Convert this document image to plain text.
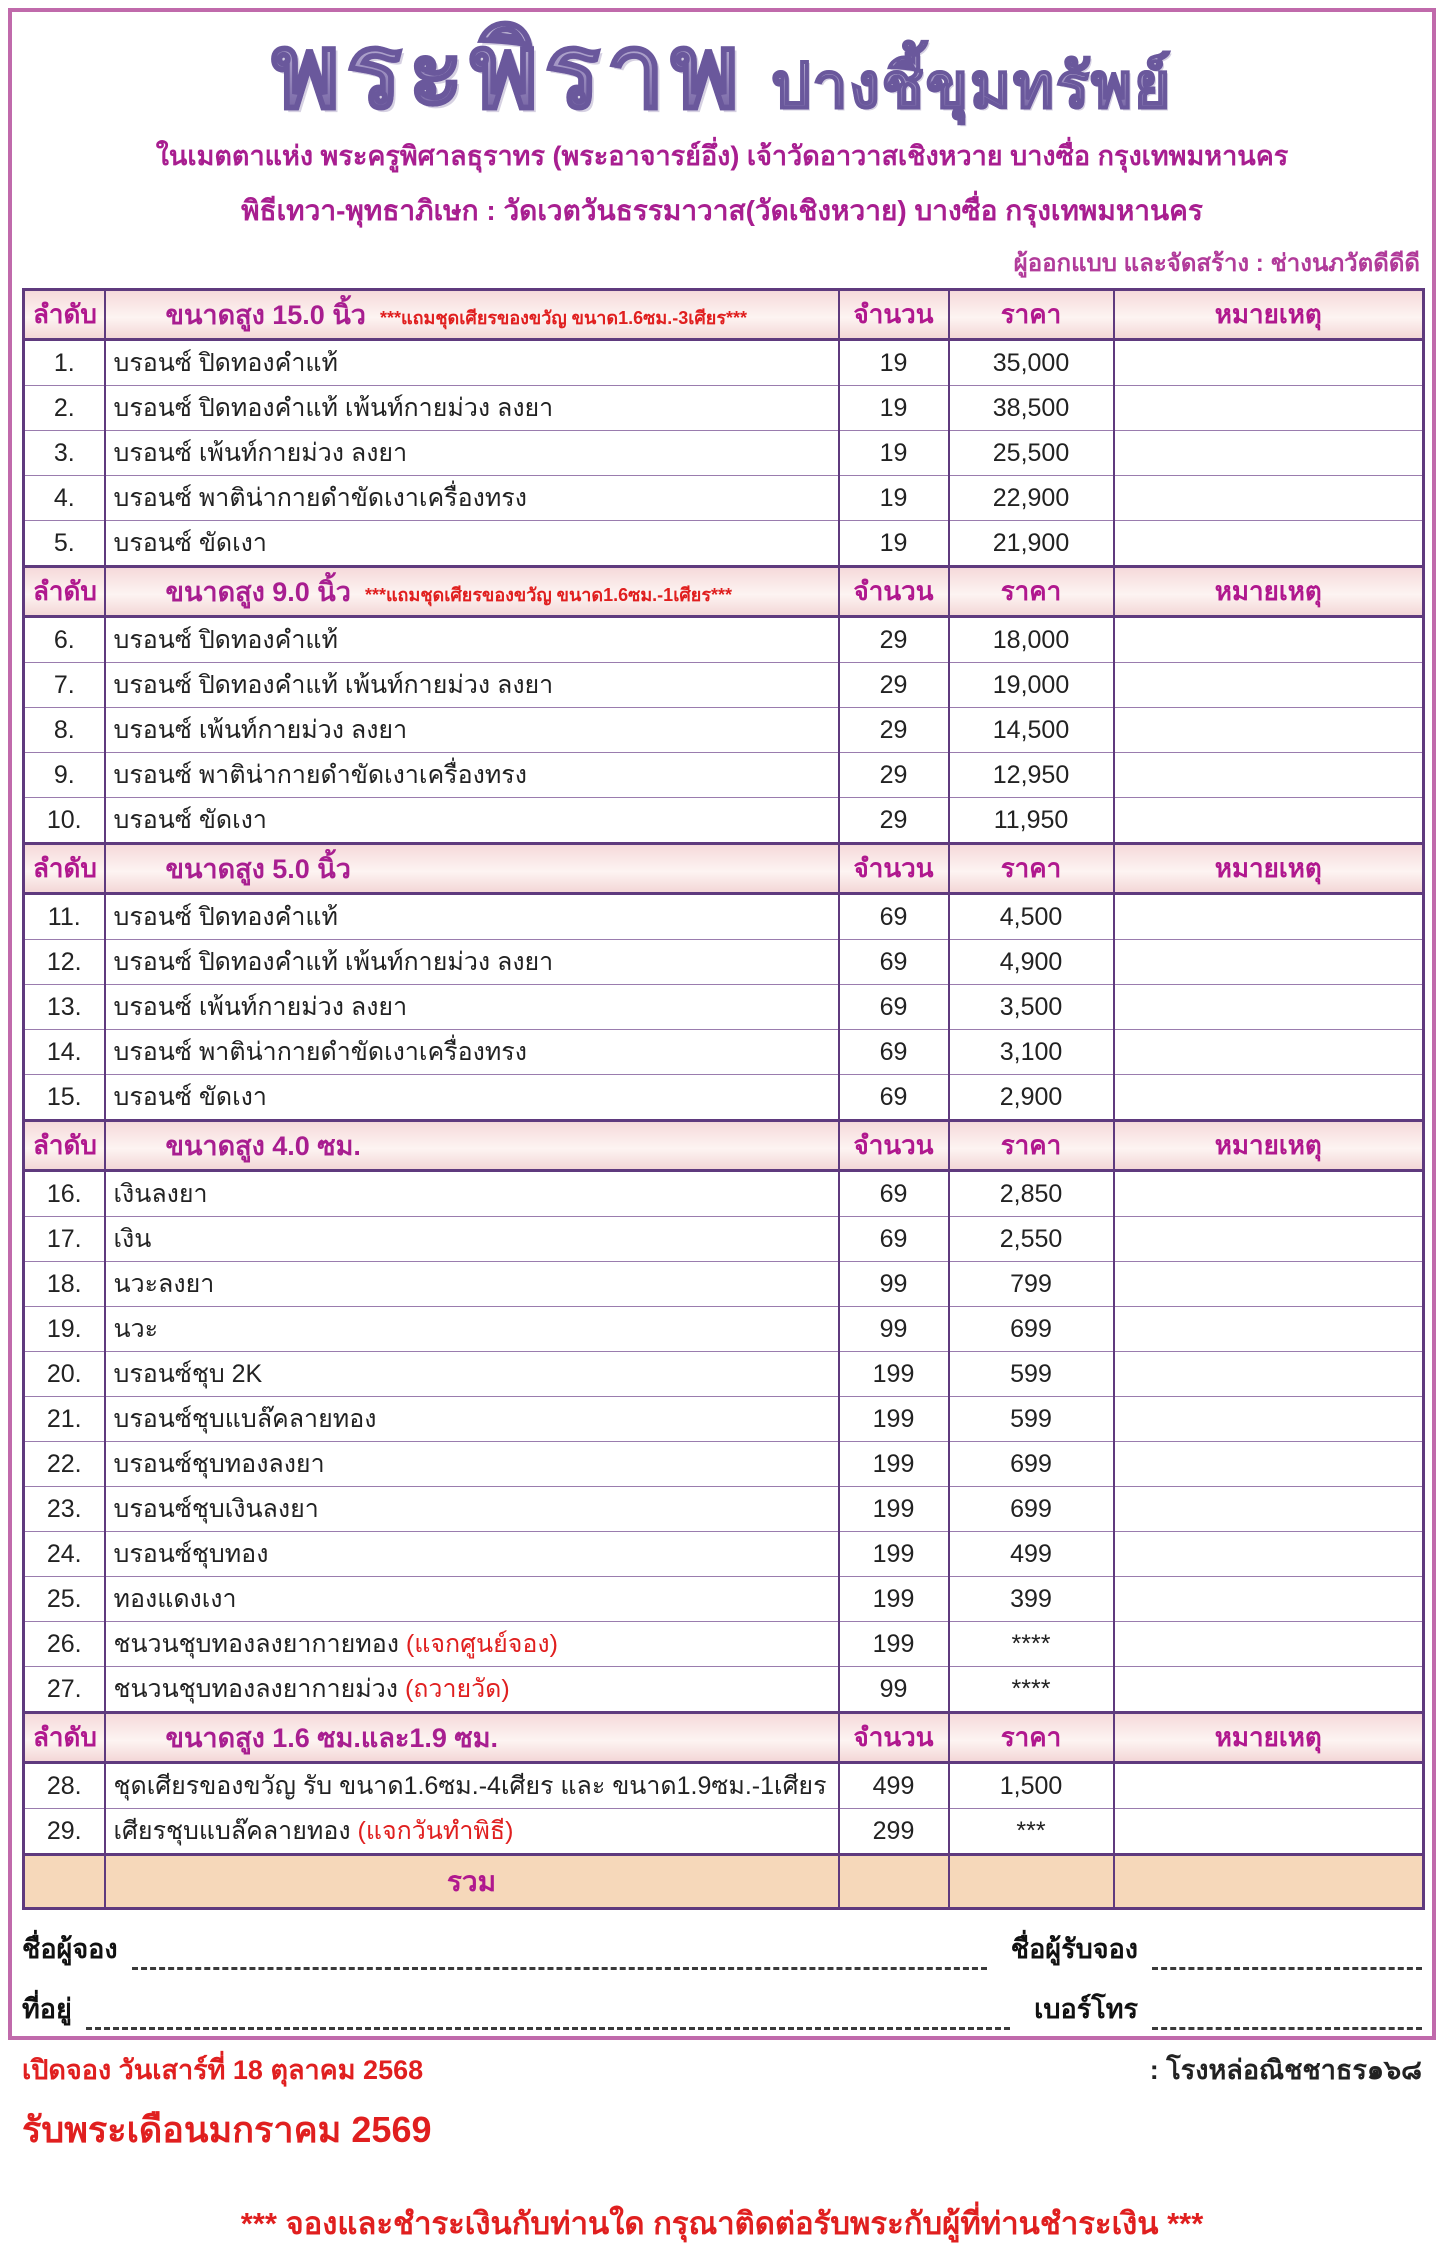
พระพิราพ ปางชี้ขุมทรัพย์
ในเมตตาแห่ง พระครูพิศาลธุราทร (พระอาจารย์อึ่ง) เจ้าวัดอาวาสเชิงหวาย บางซื่อ กรุงเทพมหานคร
พิธีเทวา-พุทธาภิเษก : วัดเวตวันธรรมาวาส(วัดเชิงหวาย) บางซื่อ กรุงเทพมหานคร
ผู้ออกแบบ และจัดสร้าง : ช่างนภวัตดีดีดี
ลำดับ	ขนาดสูง 15.0 นิ้ว ***แถมชุดเศียรของขวัญ ขนาด1.6ซม.-3เศียร***	จำนวน	ราคา	หมายเหตุ
1.	บรอนซ์ ปิดทองคำแท้	19	35,000	
2.	บรอนซ์ ปิดทองคำแท้ เพ้นท์กายม่วง ลงยา	19	38,500	
3.	บรอนซ์ เพ้นท์กายม่วง ลงยา	19	25,500	
4.	บรอนซ์ พาติน่ากายดำขัดเงาเครื่องทรง	19	22,900	
5.	บรอนซ์ ขัดเงา	19	21,900	
ลำดับ	ขนาดสูง 9.0 นิ้ว ***แถมชุดเศียรของขวัญ ขนาด1.6ซม.-1เศียร***	จำนวน	ราคา	หมายเหตุ
6.	บรอนซ์ ปิดทองคำแท้	29	18,000	
7.	บรอนซ์ ปิดทองคำแท้ เพ้นท์กายม่วง ลงยา	29	19,000	
8.	บรอนซ์ เพ้นท์กายม่วง ลงยา	29	14,500	
9.	บรอนซ์ พาติน่ากายดำขัดเงาเครื่องทรง	29	12,950	
10.	บรอนซ์ ขัดเงา	29	11,950	
ลำดับ	ขนาดสูง 5.0 นิ้ว	จำนวน	ราคา	หมายเหตุ
11.	บรอนซ์ ปิดทองคำแท้	69	4,500	
12.	บรอนซ์ ปิดทองคำแท้ เพ้นท์กายม่วง ลงยา	69	4,900	
13.	บรอนซ์ เพ้นท์กายม่วง ลงยา	69	3,500	
14.	บรอนซ์ พาติน่ากายดำขัดเงาเครื่องทรง	69	3,100	
15.	บรอนซ์ ขัดเงา	69	2,900	
ลำดับ	ขนาดสูง 4.0 ซม.	จำนวน	ราคา	หมายเหตุ
16.	เงินลงยา	69	2,850	
17.	เงิน	69	2,550	
18.	นวะลงยา	99	799	
19.	นวะ	99	699	
20.	บรอนซ์ชุบ 2K	199	599	
21.	บรอนซ์ชุบแบล๊คลายทอง	199	599	
22.	บรอนซ์ชุบทองลงยา	199	699	
23.	บรอนซ์ชุบเงินลงยา	199	699	
24.	บรอนซ์ชุบทอง	199	499	
25.	ทองแดงเงา	199	399	
26.	ชนวนชุบทองลงยากายทอง (แจกศูนย์จอง)	199	****	
27.	ชนวนชุบทองลงยากายม่วง (ถวายวัด)	99	****	
ลำดับ	ขนาดสูง 1.6 ซม.และ1.9 ซม.	จำนวน	ราคา	หมายเหตุ
28.	ชุดเศียรของขวัญ รับ ขนาด1.6ซม.-4เศียร และ ขนาด1.9ซม.-1เศียร	499	1,500	
29.	เศียรชุบแบล๊คลายทอง (แจกวันทำพิธี)	299	***	
	รวม			
ชื่อผู้จอง	ชื่อผู้รับจอง
ที่อยู่	เบอร์โทร
เปิดจอง วันเสาร์ที่ 18 ตุลาคม 2568	: โรงหล่อณิชชาธร๑๖๘
รับพระเดือนมกราคม 2569
*** จองและชำระเงินกับท่านใด กรุณาติดต่อรับพระกับผู้ที่ท่านชำระเงิน ***
